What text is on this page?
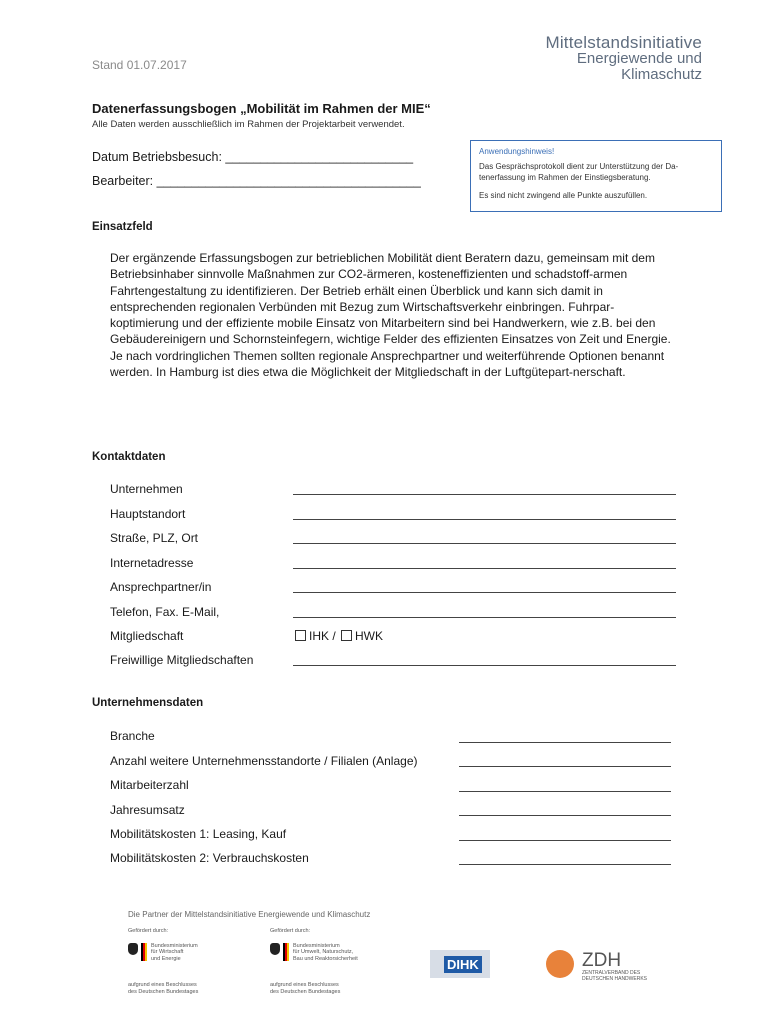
Stand 01.07.2017
Mittelstandsinitiative
Energiewende und
Klimaschutz
Datenerfassungsbogen „Mobilität im Rahmen der MIE“
Alle Daten werden ausschließlich im Rahmen der Projektarbeit verwendet.
Datum Betriebsbesuch: ___________________________
Bearbeiter: ______________________________________
Anwendungshinweis!

Das Gesprächsprotokoll dient zur Unterstützung der Da-tenerfassung im Rahmen der Einstiegsberatung.

Es sind nicht zwingend alle Punkte auszufüllen.

Einsatzfeld

Der ergänzende Erfassungsbogen zur betrieblichen Mobilität dient Beratern dazu, gemeinsam mit dem Betriebsinhaber sinnvolle Maßnahmen zur CO2-ärmeren, kosteneffizienten und schadstoff-armen Fahrtengestaltung zu identifizieren. Der Betrieb erhält einen Überblick und kann sich damit in entsprechenden regionalen Verbünden mit Bezug zum Wirtschaftsverkehr einbringen. Fuhrpar-koptimierung und der effiziente mobile Einsatz von Mitarbeitern sind bei Handwerkern, wie z.B. bei den Gebäudereinigern und Schornsteinfegern, wichtige Felder des effizienten Einsatzes von Zeit und Energie.

Je nach vordringlichen Themen sollten regionale Ansprechpartner und weiterführende Optionen benannt werden. In Hamburg ist dies etwa die Möglichkeit der Mitgliedschaft in der Luftgütepart-nerschaft.

Kontaktdaten
Unternehmen
Hauptstandort
Straße, PLZ, Ort
Internetadresse
Ansprechpartner/in
Telefon, Fax. E-Mail,
Mitgliedschaft	IHK / HWK
Freiwillige Mitgliedschaften
Unternehmensdaten
Branche
Anzahl weitere Unternehmensstandorte / Filialen (Anlage)
Mitarbeiterzahl
Jahresumsatz
Mobilitätskosten 1: Leasing, Kauf
Mobilitätskosten 2: Verbrauchskosten
Die Partner der Mittelstandsinitiative Energiewende und Klimaschutz
Gefördert durch:
Bundesministerium
für Wirtschaft
und Energie
aufgrund eines Beschlusses
des Deutschen Bundestages
Gefördert durch:
Bundesministerium
für Umwelt, Naturschutz,
Bau und Reaktorsicherheit
aufgrund eines Beschlusses
des Deutschen Bundestages
DIHK	ZDH
ZENTRALVERBAND DES
DEUTSCHEN HANDWERKS
